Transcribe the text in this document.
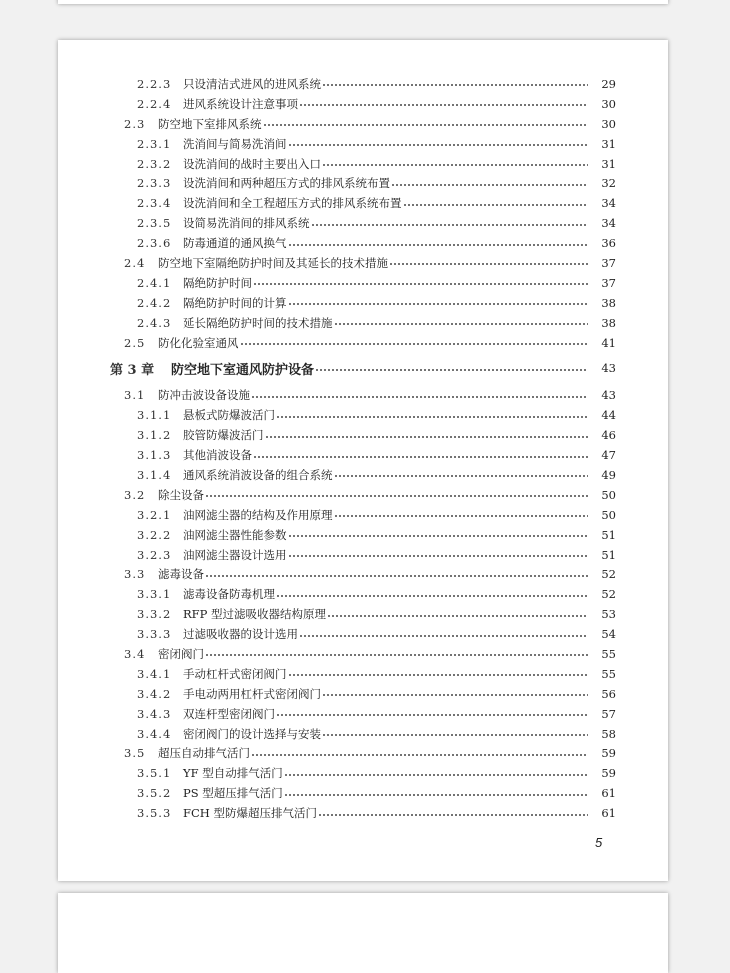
2.2.3 只设清洁式进风的进风系统	29
2.2.4 进风系统设计注意事项	30
2.3 防空地下室排风系统	30
2.3.1 洗消间与简易洗消间	31
2.3.2 设洗消间的战时主要出入口	31
2.3.3 设洗消间和两种超压方式的排风系统布置	32
2.3.4 设洗消间和全工程超压方式的排风系统布置	34
2.3.5 设简易洗消间的排风系统	34
2.3.6 防毒通道的通风换气	36
2.4 防空地下室隔绝防护时间及其延长的技术措施	37
2.4.1 隔绝防护时间	37
2.4.2 隔绝防护时间的计算	38
2.4.3 延长隔绝防护时间的技术措施	38
2.5 防化化验室通风	41
第 3 章 防空地下室通风防护设备	43
3.1 防冲击波设备设施	43
3.1.1 悬板式防爆波活门	44
3.1.2 胶管防爆波活门	46
3.1.3 其他消波设备	47
3.1.4 通风系统消波设备的组合系统	49
3.2 除尘设备	50
3.2.1 油网滤尘器的结构及作用原理	50
3.2.2 油网滤尘器性能参数	51
3.2.3 油网滤尘器设计选用	51
3.3 滤毒设备	52
3.3.1 滤毒设备防毒机理	52
3.3.2 RFP 型过滤吸收器结构原理	53
3.3.3 过滤吸收器的设计选用	54
3.4 密闭阀门	55
3.4.1 手动杠杆式密闭阀门	55
3.4.2 手电动两用杠杆式密闭阀门	56
3.4.3 双连杆型密闭阀门	57
3.4.4 密闭阀门的设计选择与安装	58
3.5 超压自动排气活门	59
3.5.1 YF 型自动排气活门	59
3.5.2 PS 型超压排气活门	61
3.5.3 FCH 型防爆超压排气活门	61
5
